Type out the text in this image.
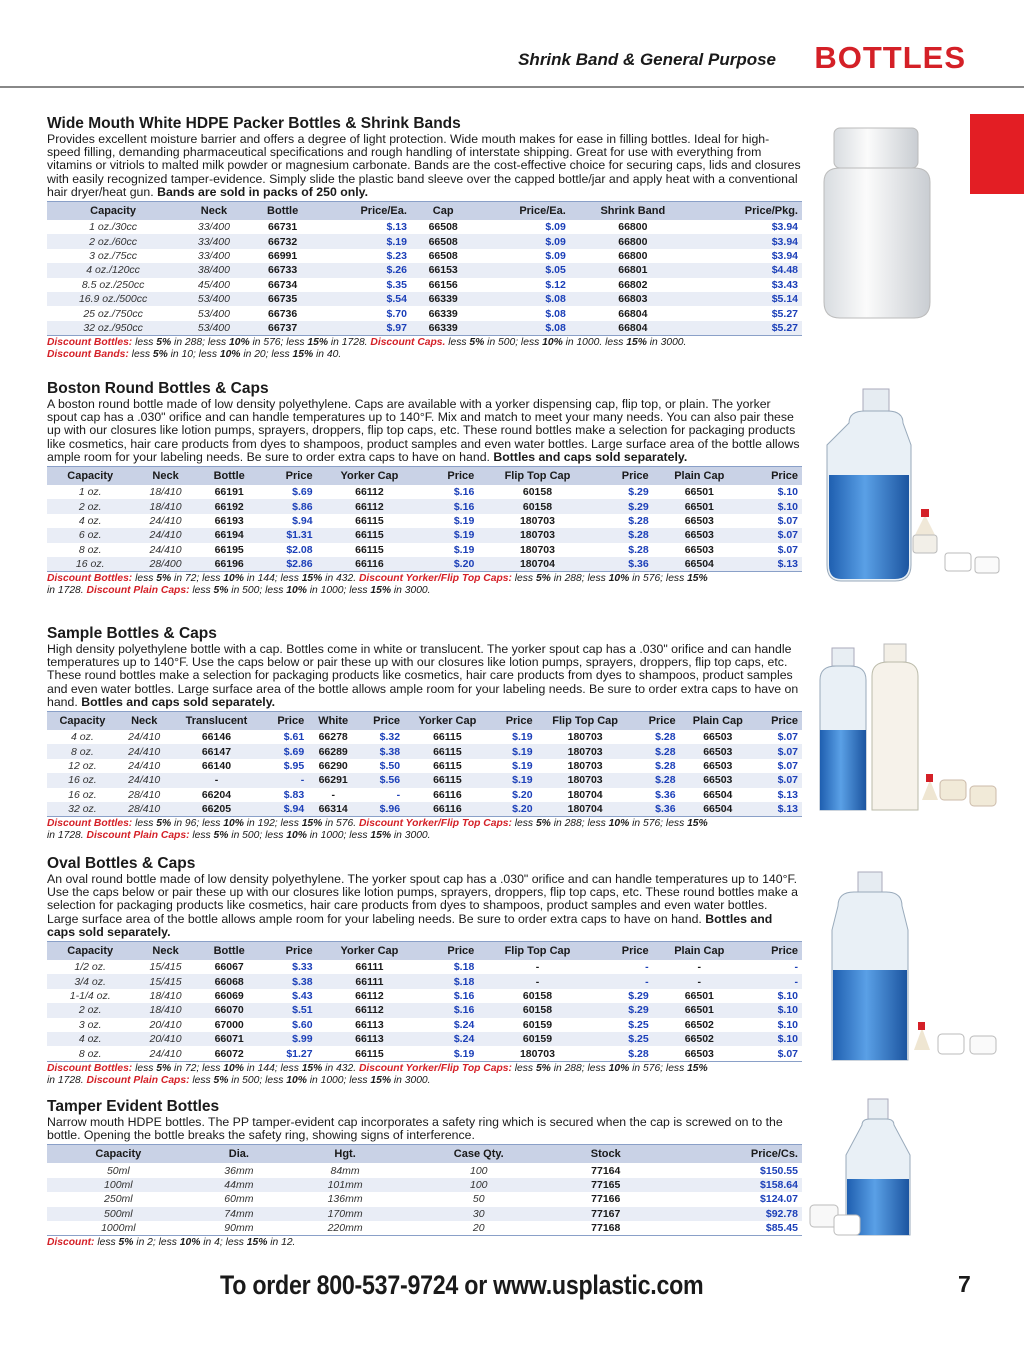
Shrink Band & General Purpose BOTTLES
Wide Mouth White HDPE Packer Bottles & Shrink Bands

Provides excellent moisture barrier and offers a degree of light protection. Wide mouth makes for ease in filling bottles. Ideal for high-speed filling, demanding pharmaceutical specifications and rough handling of interstate shipping. Great for use with everything from vitamins or vitriols to malted milk powder or magnesium carbonate. Bands are the cost-effective choice for securing caps, lids and closures with easily recognized tamper-evidence. Simply slide the plastic band sleeve over the capped bottle/jar and apply heat with a conventional hair dryer/heat gun. Bands are sold in packs of 250 only.

Capacity	Neck	Bottle	Price/Ea.	Cap	Price/Ea.	Shrink Band	Price/Pkg.
1 oz./30cc	33/400	66731	$.13	66508	$.09	66800	$3.94
2 oz./60cc	33/400	66732	$.19	66508	$.09	66800	$3.94
3 oz./75cc	33/400	66991	$.23	66508	$.09	66800	$3.94
4 oz./120cc	38/400	66733	$.26	66153	$.05	66801	$4.48
8.5 oz./250cc	45/400	66734	$.35	66156	$.12	66802	$3.43
16.9 oz./500cc	53/400	66735	$.54	66339	$.08	66803	$5.14
25 oz./750cc	53/400	66736	$.70	66339	$.08	66804	$5.27
32 oz./950cc	53/400	66737	$.97	66339	$.08	66804	$5.27
Discount Bottles: less 5% in 288; less 10% in 576; less 15% in 1728. Discount Caps. less 5% in 500; less 10% in 1000. less 15% in 3000.
Discount Bands: less 5% in 10; less 10% in 20; less 15% in 40.
Boston Round Bottles & Caps

A boston round bottle made of low density polyethylene. Caps are available with a yorker dispensing cap, flip top, or plain. The yorker spout cap has a .030" orifice and can handle temperatures up to 140°F. Mix and match to meet your many needs. You can also pair these up with our closures like lotion pumps, sprayers, droppers, flip top caps, etc. These round bottles make a selection for packaging products like cosmetics, hair care products from dyes to shampoos, product samples and even water bottles. Large surface area of the bottle allows ample room for your labeling needs. Be sure to order extra caps to have on hand. Bottles and caps sold separately.

Capacity	Neck	Bottle	Price	Yorker Cap	Price	Flip Top Cap	Price	Plain Cap	Price
1 oz.	18/410	66191	$.69	66112	$.16	60158	$.29	66501	$.10
2 oz.	18/410	66192	$.86	66112	$.16	60158	$.29	66501	$.10
4 oz.	24/410	66193	$.94	66115	$.19	180703	$.28	66503	$.07
6 oz.	24/410	66194	$1.31	66115	$.19	180703	$.28	66503	$.07
8 oz.	24/410	66195	$2.08	66115	$.19	180703	$.28	66503	$.07
16 oz.	28/400	66196	$2.86	66116	$.20	180704	$.36	66504	$.13
Discount Bottles: less 5% in 72; less 10% in 144; less 15% in 432. Discount Yorker/Flip Top Caps: less 5% in 288; less 10% in 576; less 15%
in 1728. Discount Plain Caps: less 5% in 500; less 10% in 1000; less 15% in 3000.
Sample Bottles & Caps

High density polyethylene bottle with a cap. Bottles come in white or translucent. The yorker spout cap has a .030" orifice and can handle temperatures up to 140°F. Use the caps below or pair these up with our closures like lotion pumps, sprayers, droppers, flip top caps, etc. These round bottles make a selection for packaging products like cosmetics, hair care products from dyes to shampoos, product samples and even water bottles. Large surface area of the bottle allows ample room for your labeling needs. Be sure to order extra caps to have on hand. Bottles and caps sold separately.

Capacity	Neck	Translucent	Price	White	Price	Yorker Cap	Price	Flip Top Cap	Price	Plain Cap	Price
4 oz.	24/410	66146	$.61	66278	$.32	66115	$.19	180703	$.28	66503	$.07
8 oz.	24/410	66147	$.69	66289	$.38	66115	$.19	180703	$.28	66503	$.07
12 oz.	24/410	66140	$.95	66290	$.50	66115	$.19	180703	$.28	66503	$.07
16 oz.	24/410	-	-	66291	$.56	66115	$.19	180703	$.28	66503	$.07
16 oz.	28/410	66204	$.83	-	-	66116	$.20	180704	$.36	66504	$.13
32 oz.	28/410	66205	$.94	66314	$.96	66116	$.20	180704	$.36	66504	$.13
Discount Bottles: less 5% in 96; less 10% in 192; less 15% in 576. Discount Yorker/Flip Top Caps: less 5% in 288; less 10% in 576; less 15%
in 1728. Discount Plain Caps: less 5% in 500; less 10% in 1000; less 15% in 3000.
Oval Bottles & Caps

An oval round bottle made of low density polyethylene. The yorker spout cap has a .030" orifice and can handle temperatures up to 140°F. Use the caps below or pair these up with our closures like lotion pumps, sprayers, droppers, flip top caps, etc. These round bottles make a selection for packaging products like cosmetics, hair care products from dyes to shampoos, product samples and even water bottles. Large surface area of the bottle allows ample room for your labeling needs. Be sure to order extra caps to have on hand. Bottles and caps sold separately.

Capacity	Neck	Bottle	Price	Yorker Cap	Price	Flip Top Cap	Price	Plain Cap	Price
1/2 oz.	15/415	66067	$.33	66111	$.18	-	-	-	-
3/4 oz.	15/415	66068	$.38	66111	$.18	-	-	-	-
1-1/4 oz.	18/410	66069	$.43	66112	$.16	60158	$.29	66501	$.10
2 oz.	18/410	66070	$.51	66112	$.16	60158	$.29	66501	$.10
3 oz.	20/410	67000	$.60	66113	$.24	60159	$.25	66502	$.10
4 oz.	20/410	66071	$.99	66113	$.24	60159	$.25	66502	$.10
8 oz.	24/410	66072	$1.27	66115	$.19	180703	$.28	66503	$.07
Discount Bottles: less 5% in 72; less 10% in 144; less 15% in 432. Discount Yorker/Flip Top Caps: less 5% in 288; less 10% in 576; less 15%
in 1728. Discount Plain Caps: less 5% in 500; less 10% in 1000; less 15% in 3000.
Tamper Evident Bottles

Narrow mouth HDPE bottles. The PP tamper-evident cap incorporates a safety ring which is secured when the cap is screwed on to the bottle. Opening the bottle breaks the safety ring, showing signs of interference.

Capacity	Dia.	Hgt.	Case Qty.	Stock	Price/Cs.
50ml	36mm	84mm	100	77164	$150.55
100ml	44mm	101mm	100	77165	$158.64
250ml	60mm	136mm	50	77166	$124.07
500ml	74mm	170mm	30	77167	$92.78
1000ml	90mm	220mm	20	77168	$85.45
Discount: less 5% in 2; less 10% in 4; less 15% in 12.
To order 800-537-9724 or www.usplastic.com	7
